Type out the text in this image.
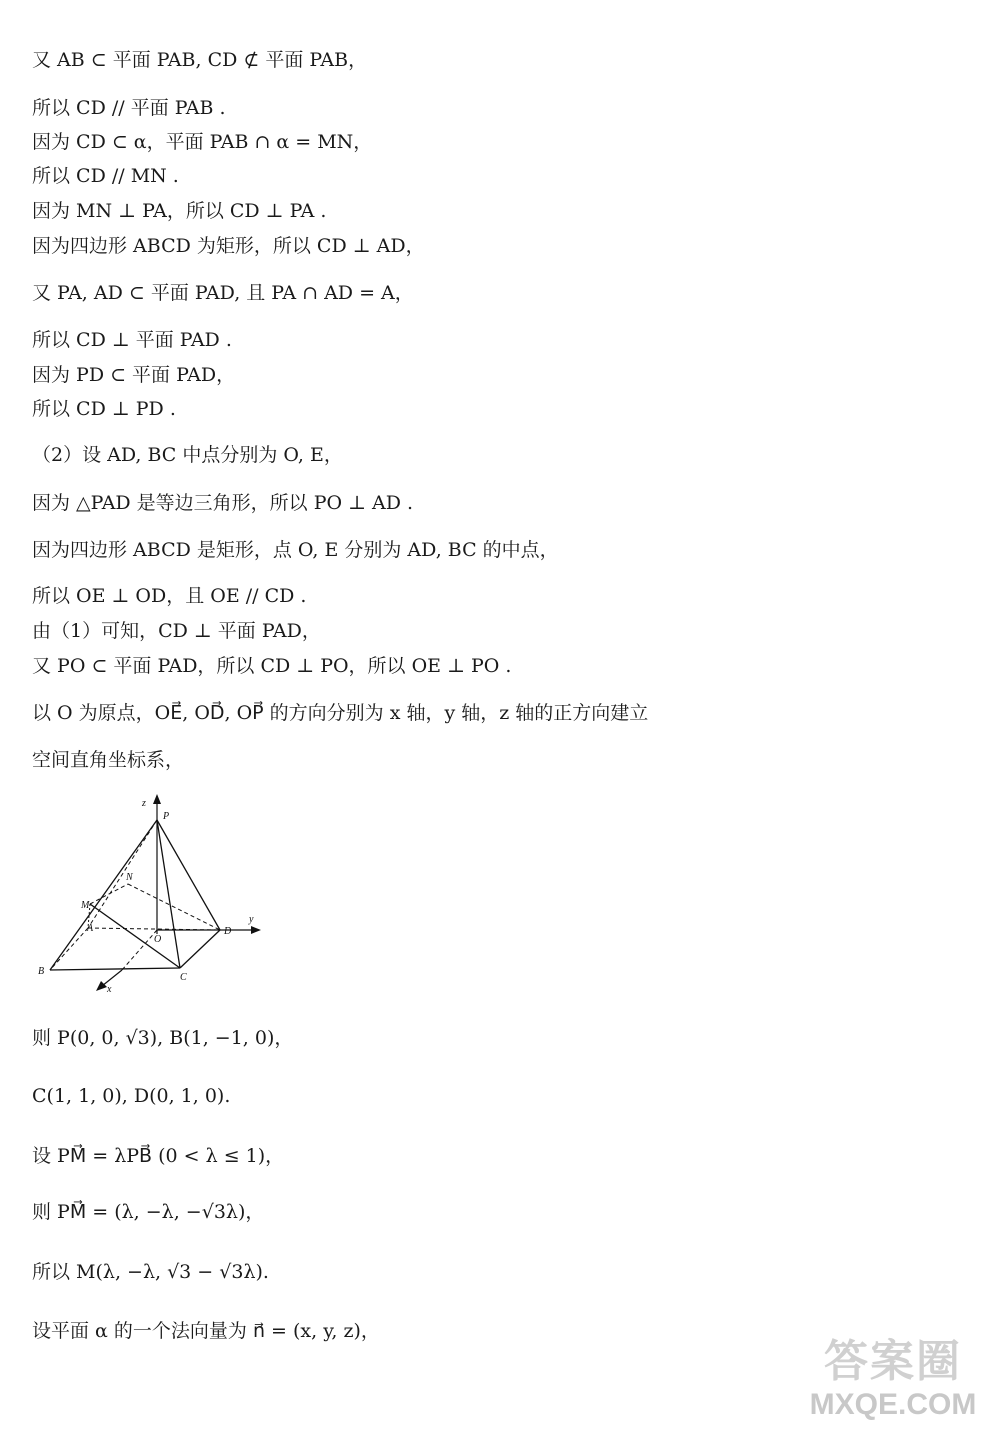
又 AB ⊂ 平面 PAB, CD ⊄ 平面 PAB，
所以 CD // 平面 PAB .
因为 CD ⊂ α，平面 PAB ∩ α = MN，
所以 CD // MN .
因为 MN ⊥ PA，所以 CD ⊥ PA .
因为四边形 ABCD 为矩形，所以 CD ⊥ AD，
又 PA, AD ⊂ 平面 PAD, 且 PA ∩ AD = A，
所以 CD ⊥ 平面 PAD .
因为 PD ⊂ 平面 PAD，
所以 CD ⊥ PD .
（2）设 AD, BC 中点分别为 O, E，
因为 △PAD 是等边三角形，所以 PO ⊥ AD .
因为四边形 ABCD 是矩形，点 O, E 分别为 AD, BC 的中点，
所以 OE ⊥ OD，且 OE // CD .
由（1）可知，CD ⊥ 平面 PAD，
又 PO ⊂ 平面 PAD，所以 CD ⊥ PO，所以 OE ⊥ PO .
以 O 为原点，OE⃗, OD⃗, OP⃗ 的方向分别为 x 轴，y 轴，z 轴的正方向建立
空间直角坐标系，
z
P
N
M
A
O
D
y
B
C
x
则 P(0, 0, √3), B(1, −1, 0)，
C(1, 1, 0), D(0, 1, 0).
设 PM⃗ = λPB⃗ (0 < λ ≤ 1)，
则 PM⃗ = (λ, −λ, −√3λ)，
所以 M(λ, −λ, √3 − √3λ).
设平面 α 的一个法向量为 n⃗ = (x, y, z)，
答案圈
MXQE.COM
